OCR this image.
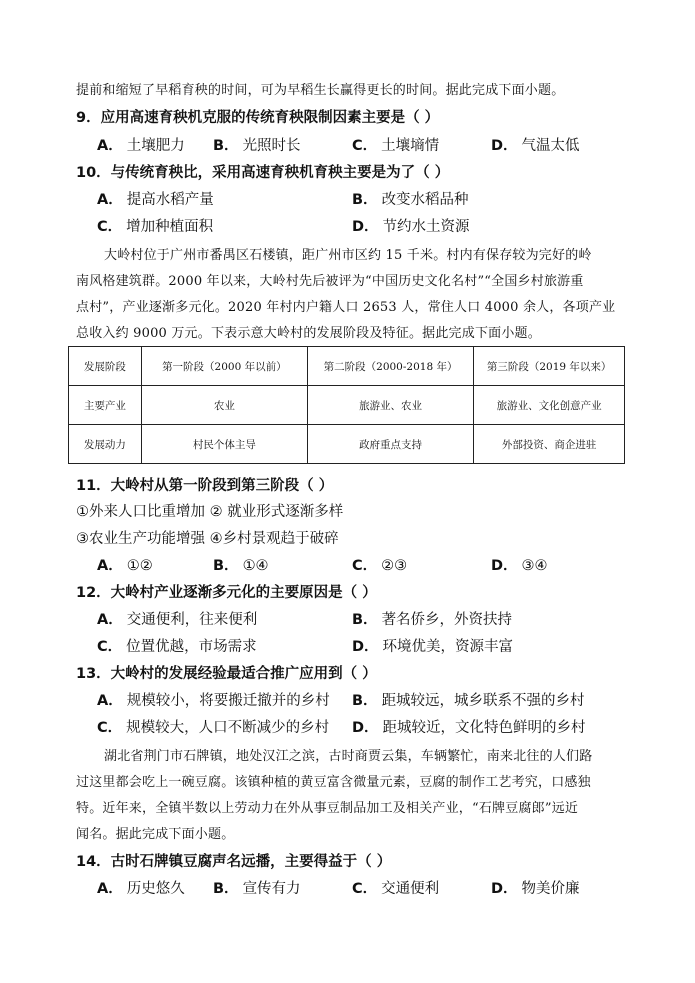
提前和缩短了早稻育秧的时间，可为早稻生长赢得更长的时间。据此完成下面小题。
9．应用高速育秧机克服的传统育秧限制因素主要是（ ）
A． 土壤肥力 B． 光照时长	C． 土壤墒情	D． 气温太低
10．与传统育秧比，采用高速育秧机育秧主要是为了（ ）
A． 提高水稻产量	B． 改变水稻品种
C． 增加种植面积	D． 节约水土资源
大岭村位于广州市番禺区石楼镇，距广州市区约 15 千米。村内有保存较为完好的岭
南风格建筑群。2000 年以来，大岭村先后被评为“中国历史文化名村”“全国乡村旅游重
点村”，产业逐渐多元化。2020 年村内户籍人口 2653 人，常住人口 4000 余人，各项产业
总收入约 9000 万元。下表示意大岭村的发展阶段及特征。据此完成下面小题。
发展阶段	第一阶段（2000 年以前）	第二阶段（2000-2018 年）	第三阶段（2019 年以来）
主要产业	农业	旅游业、农业	旅游业、文化创意产业
发展动力	村民个体主导	政府重点支持	外部投资、商企进驻
11．大岭村从第一阶段到第三阶段（ ）
①外来人口比重增加 ② 就业形式逐渐多样
③农业生产功能增强 ④乡村景观趋于破碎
A． ①②	B． ①④	C． ②③	D． ③④
12．大岭村产业逐渐多元化的主要原因是（ ）
A． 交通便利，往来便利	B． 著名侨乡，外资扶持
C． 位置优越，市场需求	D． 环境优美，资源丰富
13．大岭村的发展经验最适合推广应用到（ ）
A． 规模较小，将要搬迁撤并的乡村 B． 距城较远，城乡联系不强的乡村
C． 规模较大，人口不断减少的乡村 D． 距城较近，文化特色鲜明的乡村
湖北省荆门市石牌镇，地处汉江之滨，古时商贾云集，车辆繁忙，南来北往的人们路
过这里都会吃上一碗豆腐。该镇种植的黄豆富含微量元素，豆腐的制作工艺考究，口感独
特。近年来，全镇半数以上劳动力在外从事豆制品加工及相关产业，“石牌豆腐郎”远近
闻名。据此完成下面小题。
14．古时石牌镇豆腐声名远播，主要得益于（ ）
A． 历史悠久 B． 宣传有力	C． 交通便利	D． 物美价廉
